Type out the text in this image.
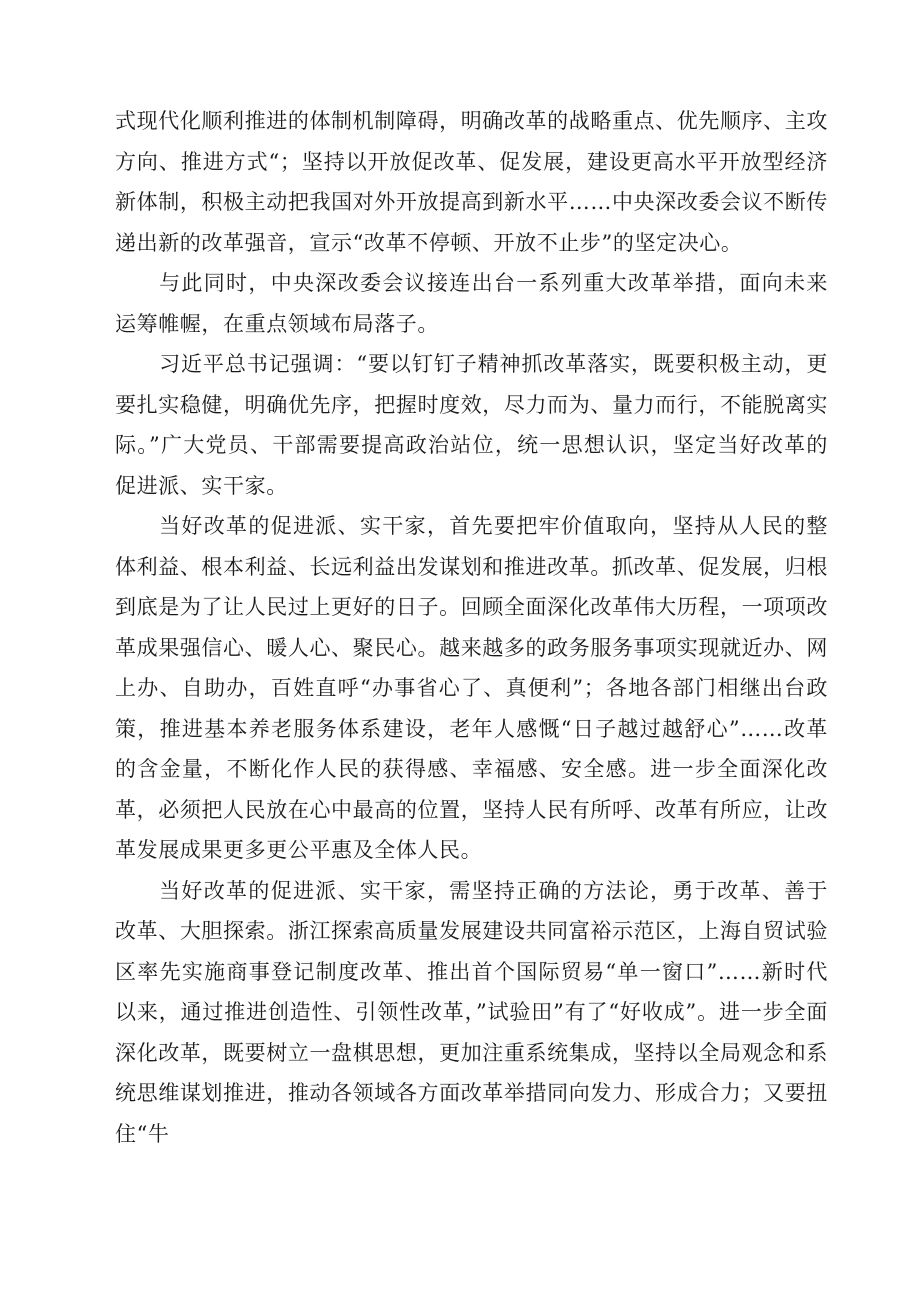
式现代化顺利推进的体制机制障碍，明确改革的战略重点、优先顺序、主攻方向、推进方式“；坚持以开放促改革、促发展，建设更高水平开放型经济新体制，积极主动把我国对外开放提高到新水平……中央深改委会议不断传递出新的改革强音，宣示“改革不停顿、开放不止步”的坚定决心。

与此同时，中央深改委会议接连出台一系列重大改革举措，面向未来运筹帷幄，在重点领域布局落子。

习近平总书记强调：“要以钉钉子精神抓改革落实，既要积极主动，更要扎实稳健，明确优先序，把握时度效，尽力而为、量力而行，不能脱离实际。”广大党员、干部需要提高政治站位，统一思想认识，坚定当好改革的促进派、实干家。

当好改革的促进派、实干家，首先要把牢价值取向，坚持从人民的整体利益、根本利益、长远利益出发谋划和推进改革。抓改革、促发展，归根到底是为了让人民过上更好的日子。回顾全面深化改革伟大历程，一项项改革成果强信心、暖人心、聚民心。越来越多的政务服务事项实现就近办、网上办、自助办，百姓直呼“办事省心了、真便利”；各地各部门相继出台政策，推进基本养老服务体系建设，老年人感慨“日子越过越舒心”……改革的含金量，不断化作人民的获得感、幸福感、安全感。进一步全面深化改革，必须把人民放在心中最高的位置，坚持人民有所呼、改革有所应，让改革发展成果更多更公平惠及全体人民。

当好改革的促进派、实干家，需坚持正确的方法论，勇于改革、善于改革、大胆探索。浙江探索高质量发展建设共同富裕示范区，上海自贸试验区率先实施商事登记制度改革、推出首个国际贸易“单一窗口”……新时代以来，通过推进创造性、引领性改革，”试验田”有了“好收成”。进一步全面深化改革，既要树立一盘棋思想，更加注重系统集成，坚持以全局观念和系统思维谋划推进，推动各领域各方面改革举措同向发力、形成合力；又要扭住“牛
